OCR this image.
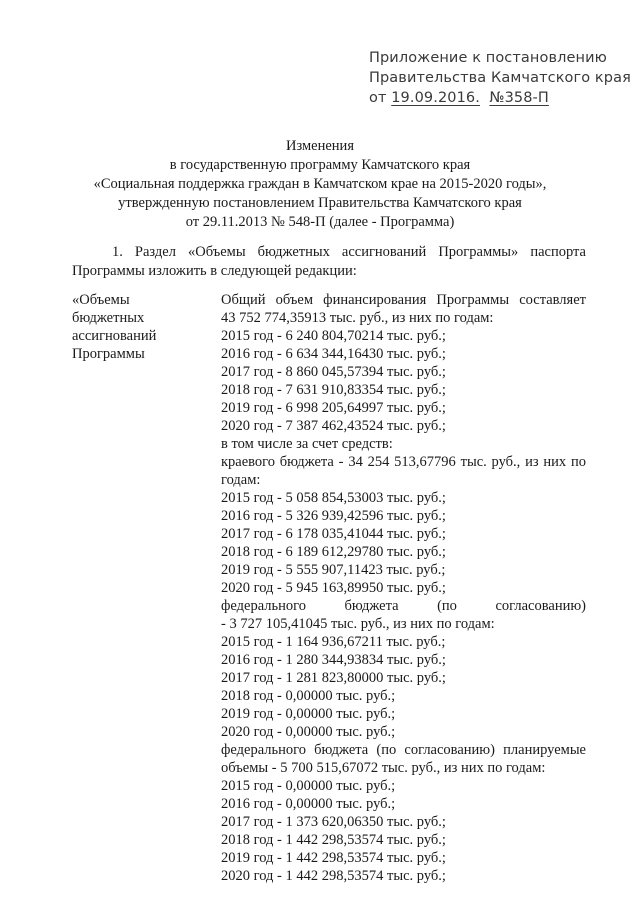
Приложение к постановлению
Правительства Камчатского края
от 19.09.2016. №358-П
Изменения
в государственную программу Камчатского края
«Социальная поддержка граждан в Камчатском крае на 2015-2020 годы»,
утвержденную постановлением Правительства Камчатского края
от 29.11.2013 № 548-П (далее - Программа)
1. Раздел «Объемы бюджетных ассигнований Программы» паспорта
Программы изложить в следующей редакции:
«Объемы
бюджетных
ассигнований
Программы
Общий объем финансирования Программы составляет
43 752 774,35913 тыс. руб., из них по годам:
2015 год - 6 240 804,70214 тыс. руб.;
2016 год - 6 634 344,16430 тыс. руб.;
2017 год - 8 860 045,57394 тыс. руб.;
2018 год - 7 631 910,83354 тыс. руб.;
2019 год - 6 998 205,64997 тыс. руб.;
2020 год - 7 387 462,43524 тыс. руб.;
в том числе за счет средств:
краевого бюджета - 34 254 513,67796 тыс. руб., из них по
годам:
2015 год - 5 058 854,53003 тыс. руб.;
2016 год - 5 326 939,42596 тыс. руб.;
2017 год - 6 178 035,41044 тыс. руб.;
2018 год - 6 189 612,29780 тыс. руб.;
2019 год - 5 555 907,11423 тыс. руб.;
2020 год - 5 945 163,89950 тыс. руб.;
федерального бюджета (по согласованию)
- 3 727 105,41045 тыс. руб., из них по годам:
2015 год - 1 164 936,67211 тыс. руб.;
2016 год - 1 280 344,93834 тыс. руб.;
2017 год - 1 281 823,80000 тыс. руб.;
2018 год - 0,00000 тыс. руб.;
2019 год - 0,00000 тыс. руб.;
2020 год - 0,00000 тыс. руб.;
федерального бюджета (по согласованию) планируемые
объемы - 5 700 515,67072 тыс. руб., из них по годам:
2015 год - 0,00000 тыс. руб.;
2016 год - 0,00000 тыс. руб.;
2017 год - 1 373 620,06350 тыс. руб.;
2018 год - 1 442 298,53574 тыс. руб.;
2019 год - 1 442 298,53574 тыс. руб.;
2020 год - 1 442 298,53574 тыс. руб.;
